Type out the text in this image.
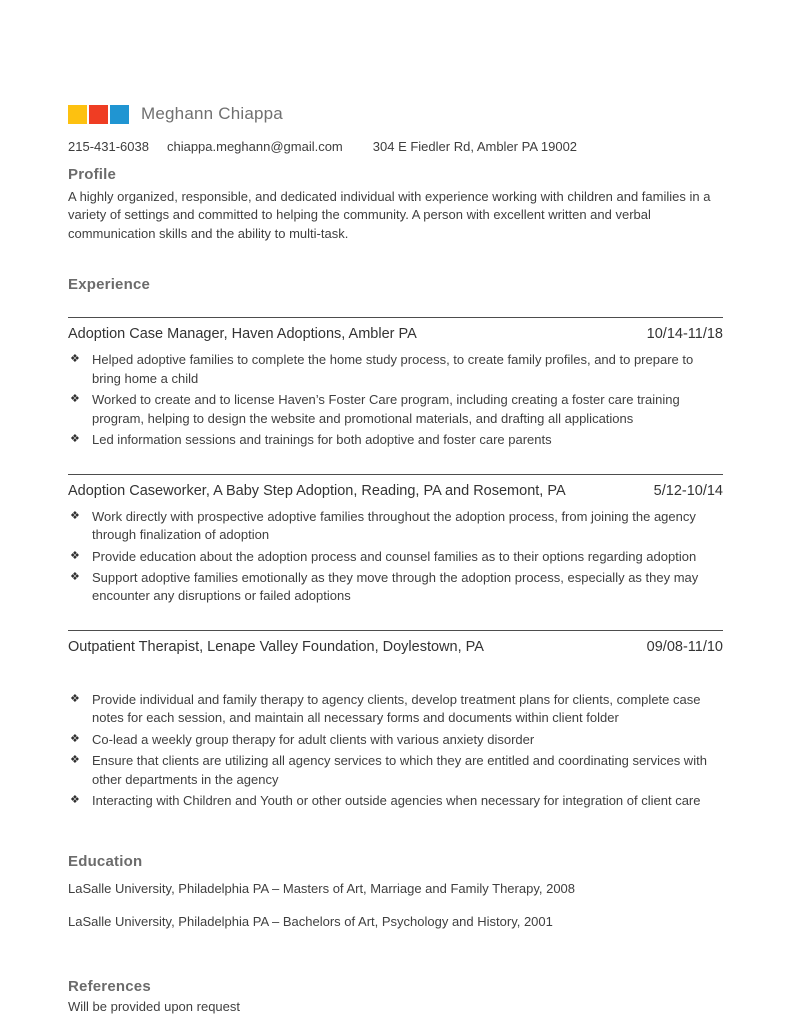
Meghann Chiappa
215-431-6038 chiappa.meghann@gmail.com 304 E Fiedler Rd, Ambler PA 19002
Profile

A highly organized, responsible, and dedicated individual with experience working with children and families in a variety of settings and committed to helping the community. A person with excellent written and verbal communication skills and the ability to multi-task.

Experience
Adoption Case Manager, Haven Adoptions, Ambler PA	10/14-11/18
❖ Helped adoptive families to complete the home study process, to create family profiles, and to prepare to bring home a child
❖ Worked to create and to license Haven’s Foster Care program, including creating a foster care training program, helping to design the website and promotional materials, and drafting all applications
❖ Led information sessions and trainings for both adoptive and foster care parents
Adoption Caseworker, A Baby Step Adoption, Reading, PA and Rosemont, PA	5/12-10/14
❖ Work directly with prospective adoptive families throughout the adoption process, from joining the agency through finalization of adoption
❖ Provide education about the adoption process and counsel families as to their options regarding adoption
❖ Support adoptive families emotionally as they move through the adoption process, especially as they may encounter any disruptions or failed adoptions
Outpatient Therapist, Lenape Valley Foundation, Doylestown, PA	09/08-11/10
❖ Provide individual and family therapy to agency clients, develop treatment plans for clients, complete case notes for each session, and maintain all necessary forms and documents within client folder
❖ Co-lead a weekly group therapy for adult clients with various anxiety disorder
❖ Ensure that clients are utilizing all agency services to which they are entitled and coordinating services with other departments in the agency
❖ Interacting with Children and Youth or other outside agencies when necessary for integration of client care
Education

LaSalle University, Philadelphia PA – Masters of Art, Marriage and Family Therapy, 2008

LaSalle University, Philadelphia PA – Bachelors of Art, Psychology and History, 2001

References

Will be provided upon request
